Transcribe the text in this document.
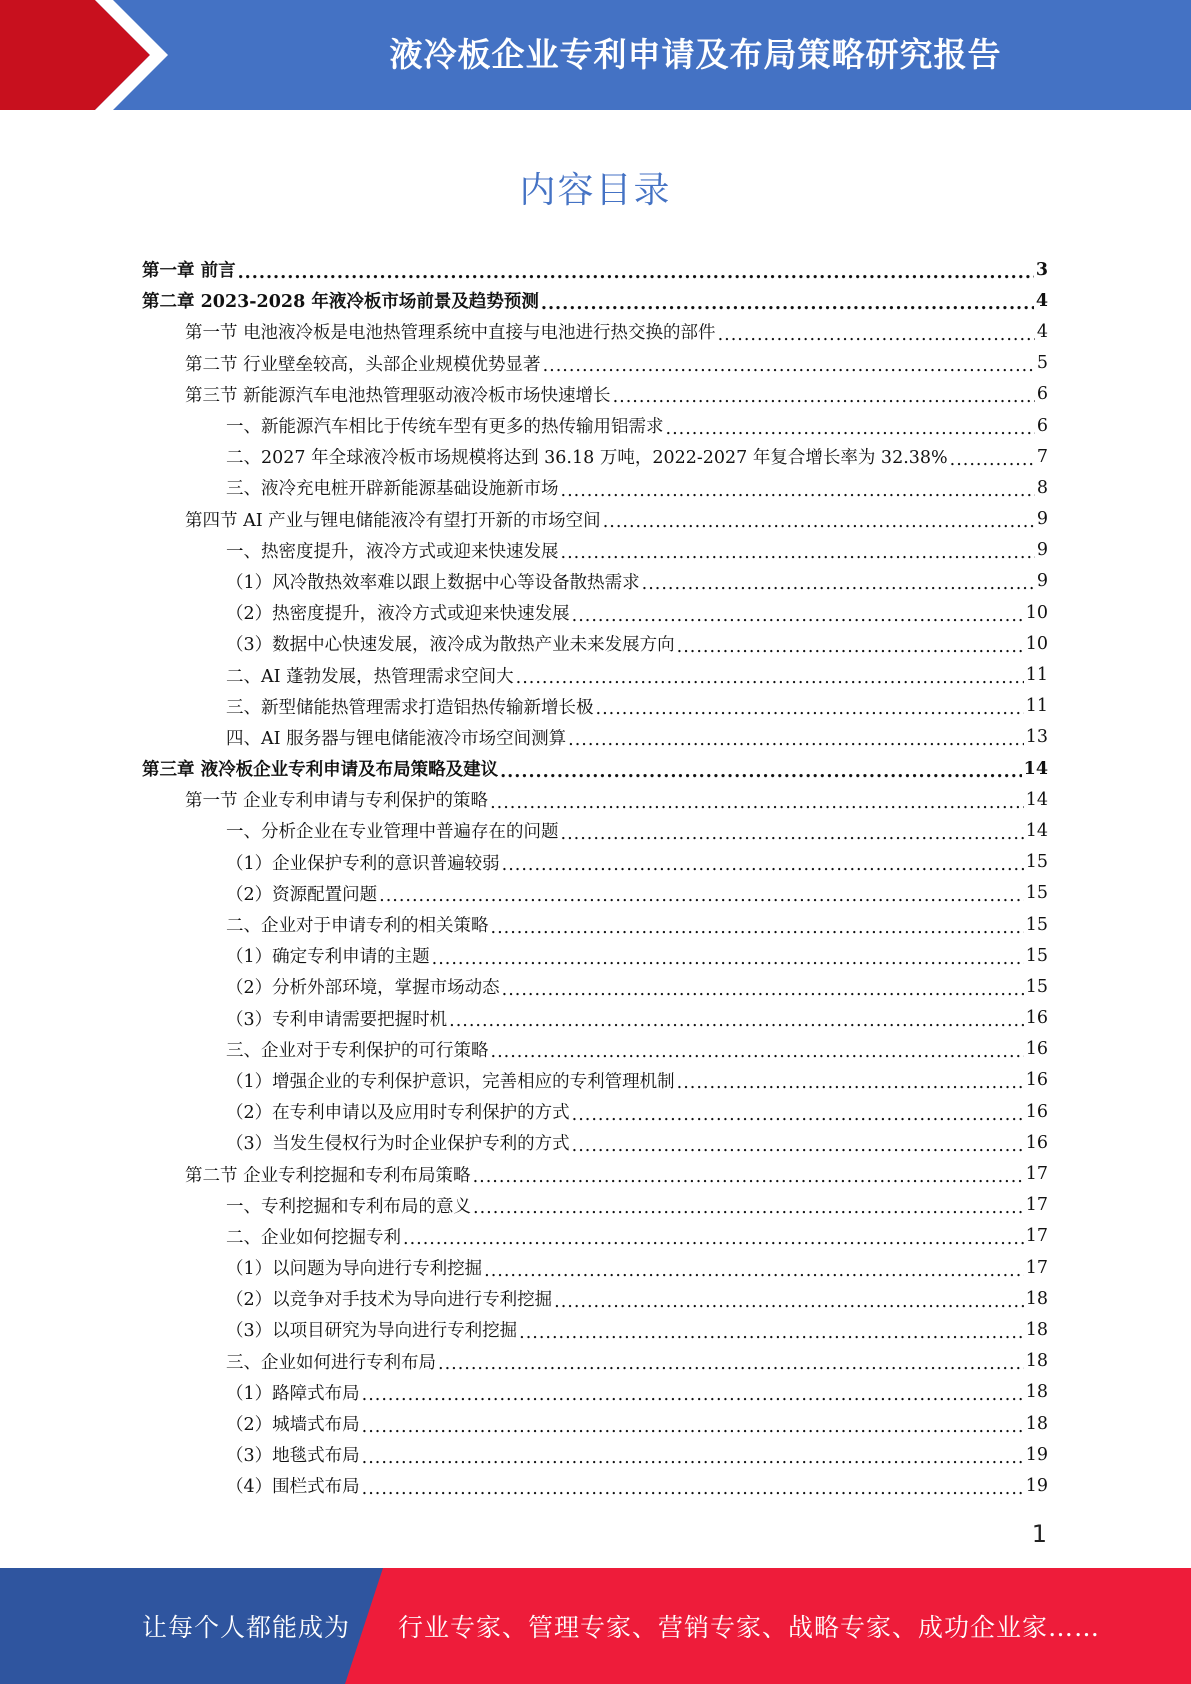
液冷板企业专利申请及布局策略研究报告
内容目录
第一章 前言 .....	3
第二章 2023-2028 年液冷板市场前景及趋势预测 .....	4
第一节 电池液冷板是电池热管理系统中直接与电池进行热交换的部件 .....	4
第二节 行业壁垒较高，头部企业规模优势显著 .....	5
第三节 新能源汽车电池热管理驱动液冷板市场快速增长 .....	6
一、新能源汽车相比于传统车型有更多的热传输用铝需求 .....	6
二、2027 年全球液冷板市场规模将达到 36.18 万吨，2022-2027 年复合增长率为 32.38% .....	7
三、液冷充电桩开辟新能源基础设施新市场 .....	8
第四节 AI 产业与锂电储能液冷有望打开新的市场空间 .....	9
一、热密度提升，液冷方式或迎来快速发展 .....	9
（1）风冷散热效率难以跟上数据中心等设备散热需求 .....	9
（2）热密度提升，液冷方式或迎来快速发展 .....	10
（3）数据中心快速发展，液冷成为散热产业未来发展方向 .....	10
二、AI 蓬勃发展，热管理需求空间大 .....	11
三、新型储能热管理需求打造铝热传输新增长极 .....	11
四、AI 服务器与锂电储能液冷市场空间测算 .....	13
第三章 液冷板企业专利申请及布局策略及建议 .....	14
第一节 企业专利申请与专利保护的策略 .....	14
一、分析企业在专业管理中普遍存在的问题 .....	14
（1）企业保护专利的意识普遍较弱 .....	15
（2）资源配置问题 .....	15
二、企业对于申请专利的相关策略 .....	15
（1）确定专利申请的主题 .....	15
（2）分析外部环境，掌握市场动态 .....	15
（3）专利申请需要把握时机 .....	16
三、企业对于专利保护的可行策略 .....	16
（1）增强企业的专利保护意识，完善相应的专利管理机制 .....	16
（2）在专利申请以及应用时专利保护的方式 .....	16
（3）当发生侵权行为时企业保护专利的方式 .....	16
第二节 企业专利挖掘和专利布局策略 .....	17
一、专利挖掘和专利布局的意义 .....	17
二、企业如何挖掘专利 .....	17
（1）以问题为导向进行专利挖掘 .....	17
（2）以竞争对手技术为导向进行专利挖掘 .....	18
（3）以项目研究为导向进行专利挖掘 .....	18
三、企业如何进行专利布局 .....	18
（1）路障式布局 .....	18
（2）城墙式布局 .....	18
（3）地毯式布局 .....	19
（4）围栏式布局 .....	19
1
让每个人都能成为 行业专家、管理专家、营销专家、战略专家、成功企业家……
